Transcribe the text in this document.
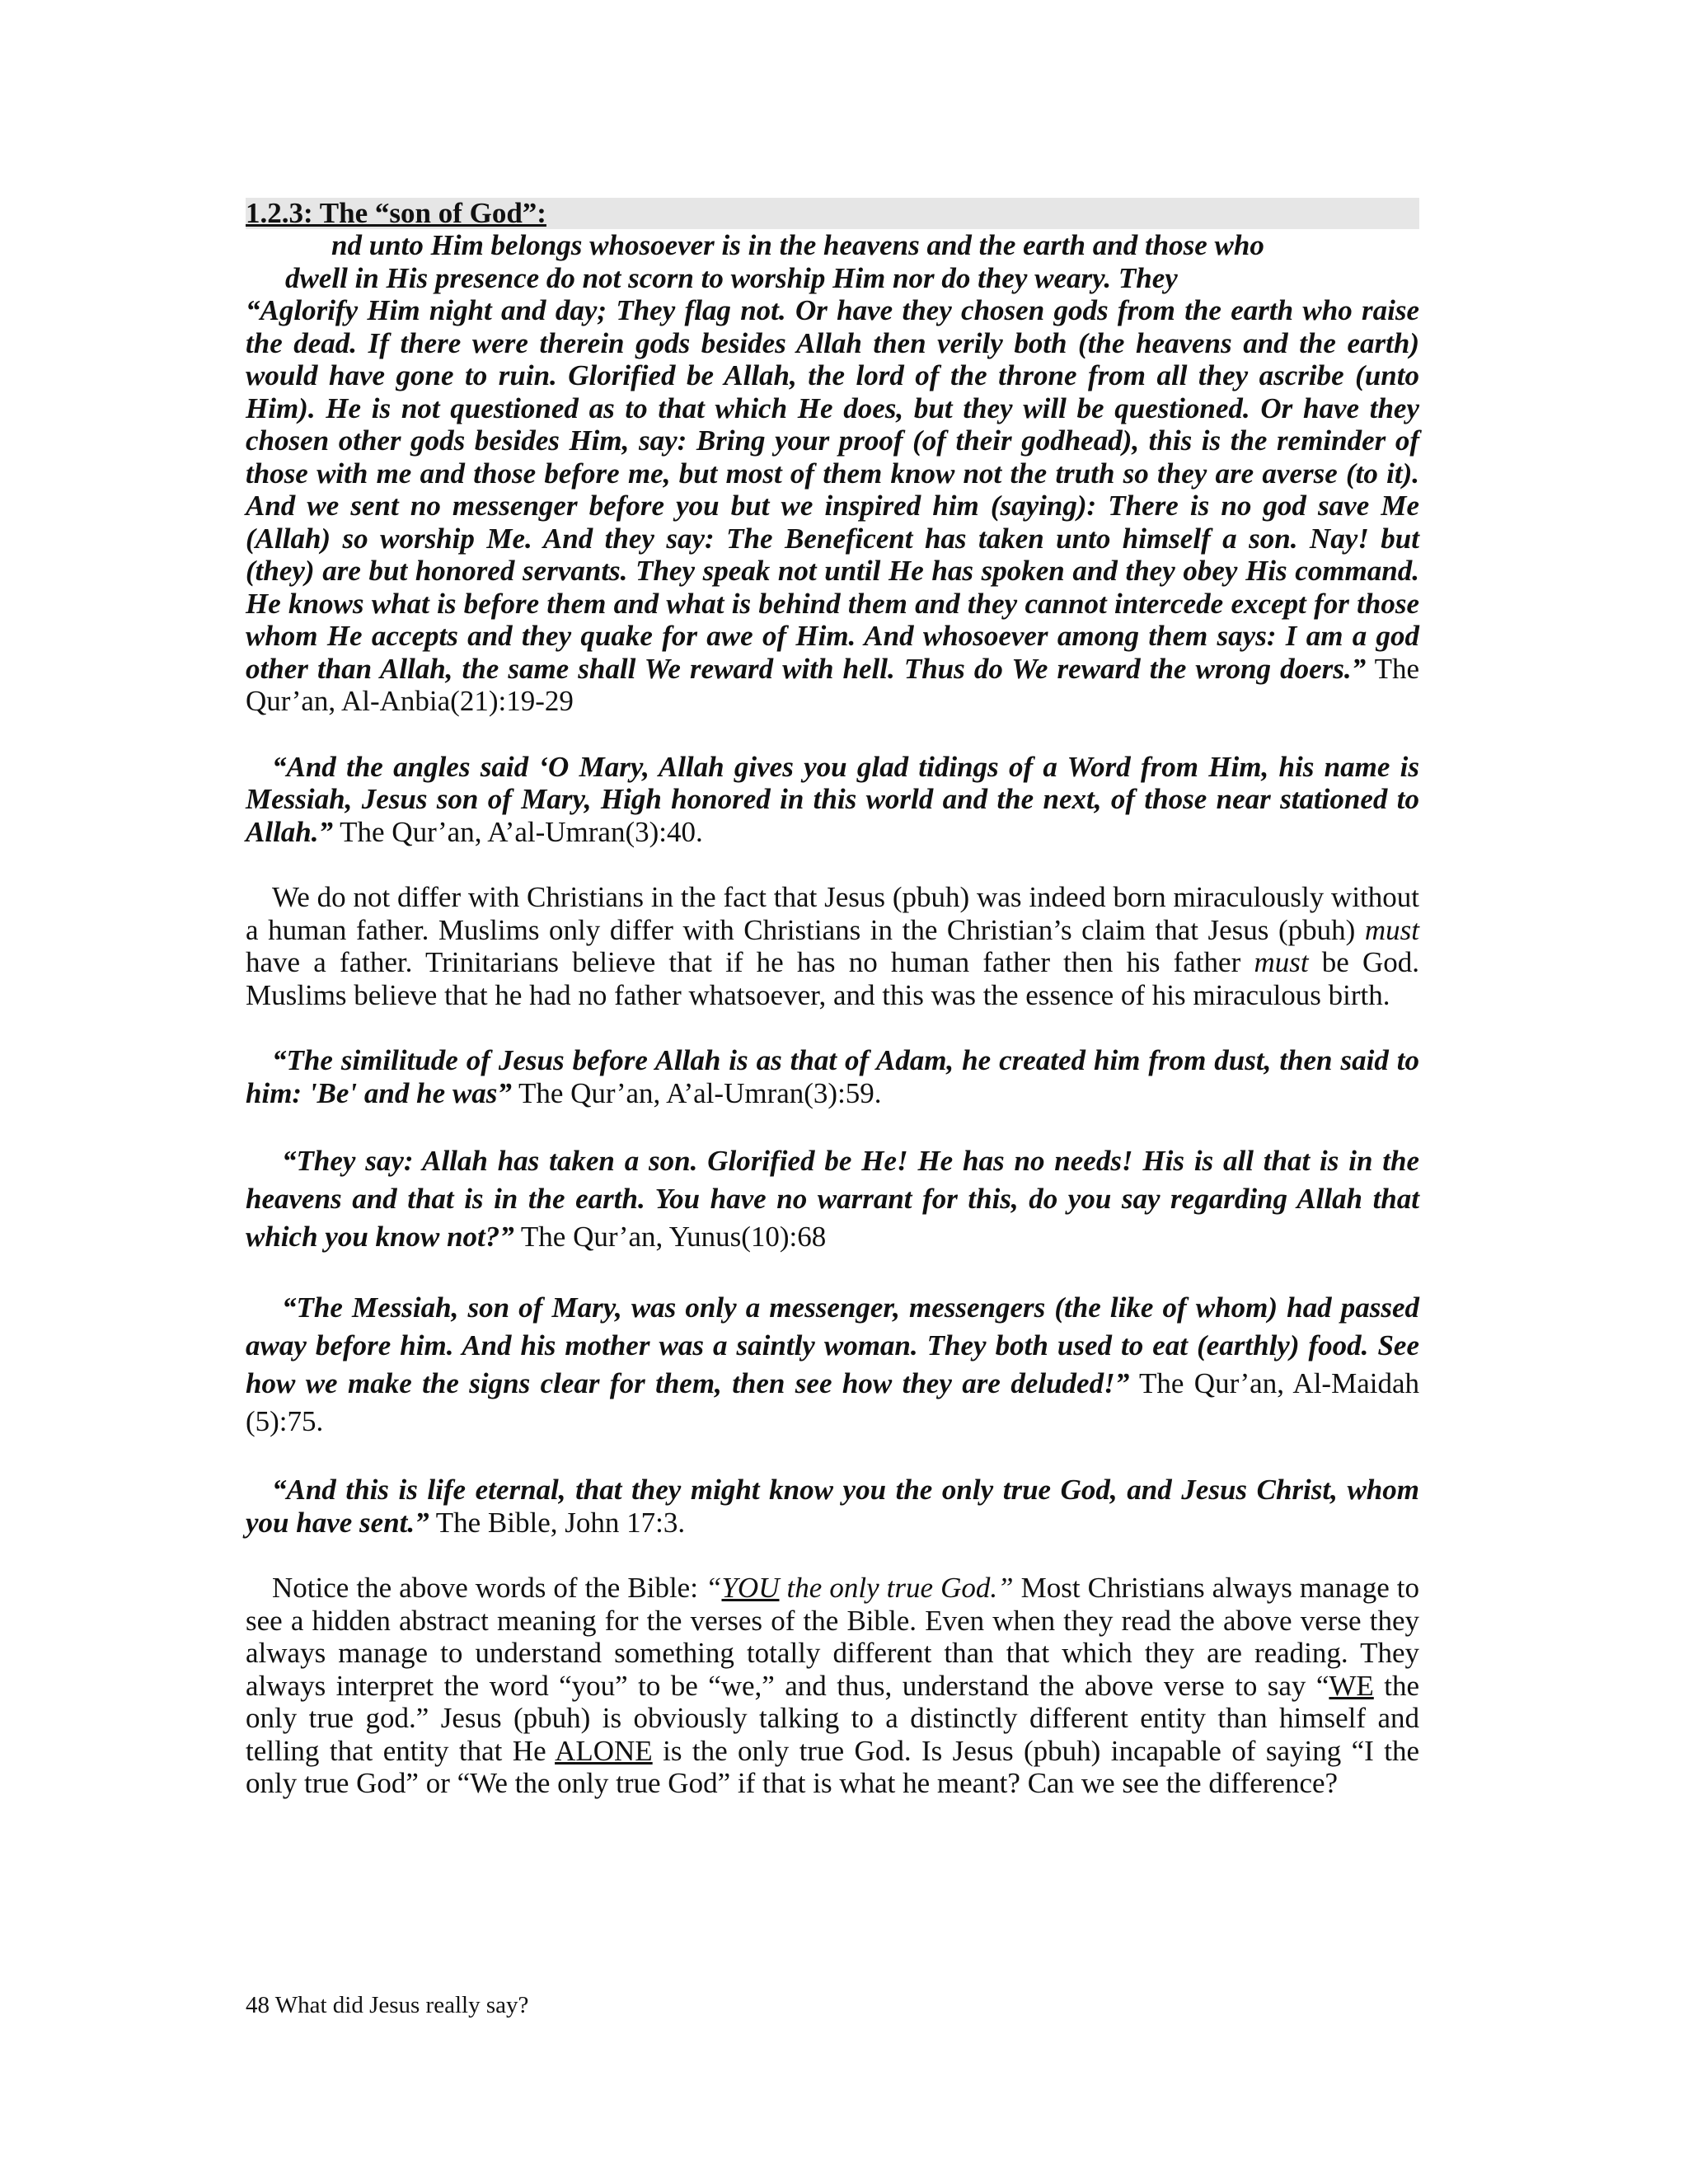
1.2.3: The “son of God”:

nd unto Him belongs whosoever is in the heavens and the earth and those who

dwell in His presence do not scorn to worship Him nor do they weary. They

“Aglorify Him night and day; They flag not. Or have they chosen gods from the earth who raise the dead. If there were therein gods besides Allah then verily both (the heavens and the earth) would have gone to ruin. Glorified be Allah, the lord of the throne from all they ascribe (unto Him). He is not questioned as to that which He does, but they will be questioned. Or have they chosen other gods besides Him, say: Bring your proof (of their godhead), this is the reminder of those with me and those before me, but most of them know not the truth so they are averse (to it). And we sent no messenger before you but we inspired him (saying): There is no god save Me (Allah) so worship Me. And they say: The Beneficent has taken unto himself a son. Nay! but (they) are but honored servants. They speak not until He has spoken and they obey His command. He knows what is before them and what is behind them and they cannot intercede except for those whom He accepts and they quake for awe of Him. And whosoever among them says: I am a god other than Allah, the same shall We reward with hell. Thus do We reward the wrong doers.” The Qur’an, Al-Anbia(21):19-29

“And the angles said ‘O Mary, Allah gives you glad tidings of a Word from Him, his name is Messiah, Jesus son of Mary, High honored in this world and the next, of those near stationed to Allah.” The Qur’an, A’al-Umran(3):40.

We do not differ with Christians in the fact that Jesus (pbuh) was indeed born miraculously without a human father. Muslims only differ with Christians in the Christian’s claim that Jesus (pbuh) must have a father. Trinitarians believe that if he has no human father then his father must be God. Muslims believe that he had no father whatsoever, and this was the essence of his miraculous birth.

“The similitude of Jesus before Allah is as that of Adam, he created him from dust, then said to him: 'Be' and he was” The Qur’an, A’al-Umran(3):59.

“They say: Allah has taken a son. Glorified be He! He has no needs! His is all that is in the heavens and that is in the earth. You have no warrant for this, do you say regarding Allah that which you know not?” The Qur’an, Yunus(10):68

“The Messiah, son of Mary, was only a messenger, messengers (the like of whom) had passed away before him. And his mother was a saintly woman. They both used to eat (earthly) food. See how we make the signs clear for them, then see how they are deluded!” The Qur’an, Al-Maidah (5):75.

“And this is life eternal, that they might know you the only true God, and Jesus Christ, whom you have sent.” The Bible, John 17:3.

Notice the above words of the Bible: “YOU the only true God.” Most Christians always manage to see a hidden abstract meaning for the verses of the Bible. Even when they read the above verse they always manage to understand something totally different than that which they are reading. They always interpret the word “you” to be “we,” and thus, understand the above verse to say “WE the only true god.” Jesus (pbuh) is obviously talking to a distinctly different entity than himself and telling that entity that He ALONE is the only true God. Is Jesus (pbuh) incapable of saying “I the only true God” or “We the only true God” if that is what he meant? Can we see the difference?

48 What did Jesus really say?
